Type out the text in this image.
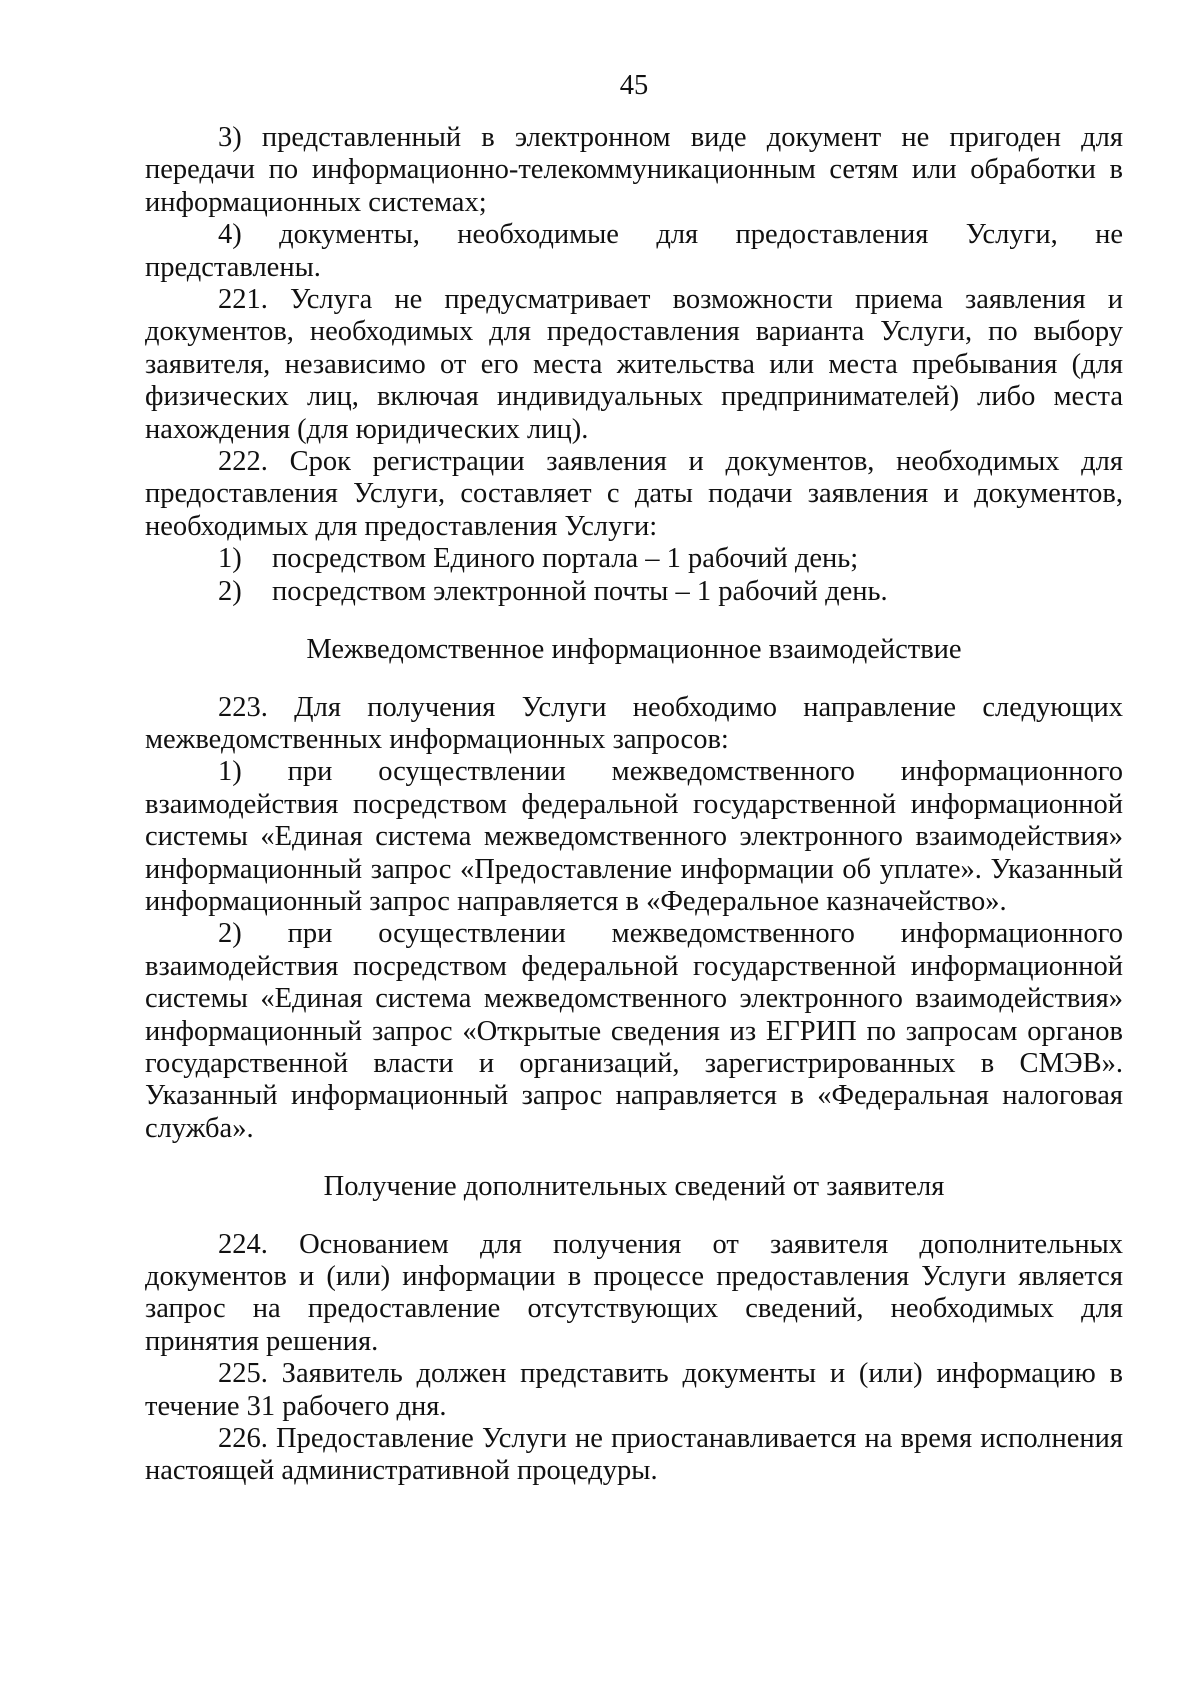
45

3) представленный в электронном виде документ не пригоден для передачи по информационно-телекоммуникационным сетям или обработки в информационных системах;

4) документы, необходимые для предоставления Услуги, не представлены.

221. Услуга не предусматривает возможности приема заявления и документов, необходимых для предоставления варианта Услуги, по выбору заявителя, независимо от его места жительства или места пребывания (для физических лиц, включая индивидуальных предпринимателей) либо места нахождения (для юридических лиц).

222. Срок регистрации заявления и документов, необходимых для предоставления Услуги, составляет с даты подачи заявления и документов, необходимых для предоставления Услуги:

1) посредством Единого портала – 1 рабочий день;

2) посредством электронной почты – 1 рабочий день.

Межведомственное информационное взаимодействие

223. Для получения Услуги необходимо направление следующих межведомственных информационных запросов:

1) при осуществлении межведомственного информационного взаимодействия посредством федеральной государственной информационной системы «Единая система межведомственного электронного взаимодействия» информационный запрос «Предоставление информации об уплате». Указанный информационный запрос направляется в «Федеральное казначейство».

2) при осуществлении межведомственного информационного взаимодействия посредством федеральной государственной информационной системы «Единая система межведомственного электронного взаимодействия» информационный запрос «Открытые сведения из ЕГРИП по запросам органов государственной власти и организаций, зарегистрированных в СМЭВ». Указанный информационный запрос направляется в «Федеральная налоговая служба».

Получение дополнительных сведений от заявителя

224. Основанием для получения от заявителя дополнительных документов и (или) информации в процессе предоставления Услуги является запрос на предоставление отсутствующих сведений, необходимых для принятия решения.

225. Заявитель должен представить документы и (или) информацию в течение 31 рабочего дня.

226. Предоставление Услуги не приостанавливается на время исполнения настоящей административной процедуры.
